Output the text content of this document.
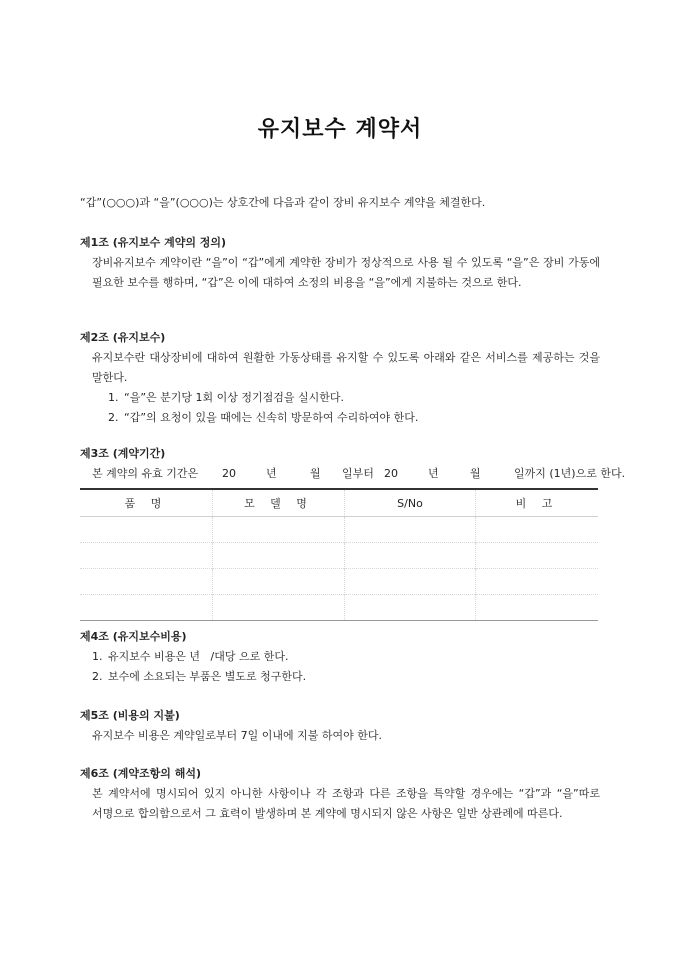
유지보수 계약서
“갑”(○○○)과 “을”(○○○)는 상호간에 다음과 같이 장비 유지보수 계약을 체결한다.
제1조 (유지보수 계약의 정의)
장비유지보수 계약이란 “을”이 “갑”에게 계약한 장비가 정상적으로 사용 될 수 있도록 “을”은 장비 가동에 필요한 보수를 행하며, “갑”은 이에 대하여 소정의 비용을 “을”에게 지불하는 것으로 한다.
제2조 (유지보수)
유지보수란 대상장비에 대하여 원활한 가동상태를 유지할 수 있도록 아래와 같은 서비스를 제공하는 것을 말한다.
1. “을”은 분기당 1회 이상 정기점검을 실시한다.
2. “갑”의 요청이 있을 때에는 신속히 방문하여 수리하여야 한다.
제3조 (계약기간)
본 계약의 유효 기간은 20	년	월 일부터 20	년	월	일까지 (1년)으로 한다.
품 명	모 델 명	S/No	비 고

제4조 (유지보수비용)
1. 유지보수 비용은 년   /대당 으로 한다.
2. 보수에 소요되는 부품은 별도로 청구한다.
제5조 (비용의 지불)
유지보수 비용은 계약일로부터 7일 이내에 지불 하여야 한다.
제6조 (계약조항의 해석)
본 계약서에 명시되어 있지 아니한 사항이나 각 조항과 다른 조항을 특약할 경우에는 “갑”과 “을”따로 서명으로 합의함으로서 그 효력이 발생하며 본 계약에 명시되지 않은 사항은 일반 상관례에 따른다.
